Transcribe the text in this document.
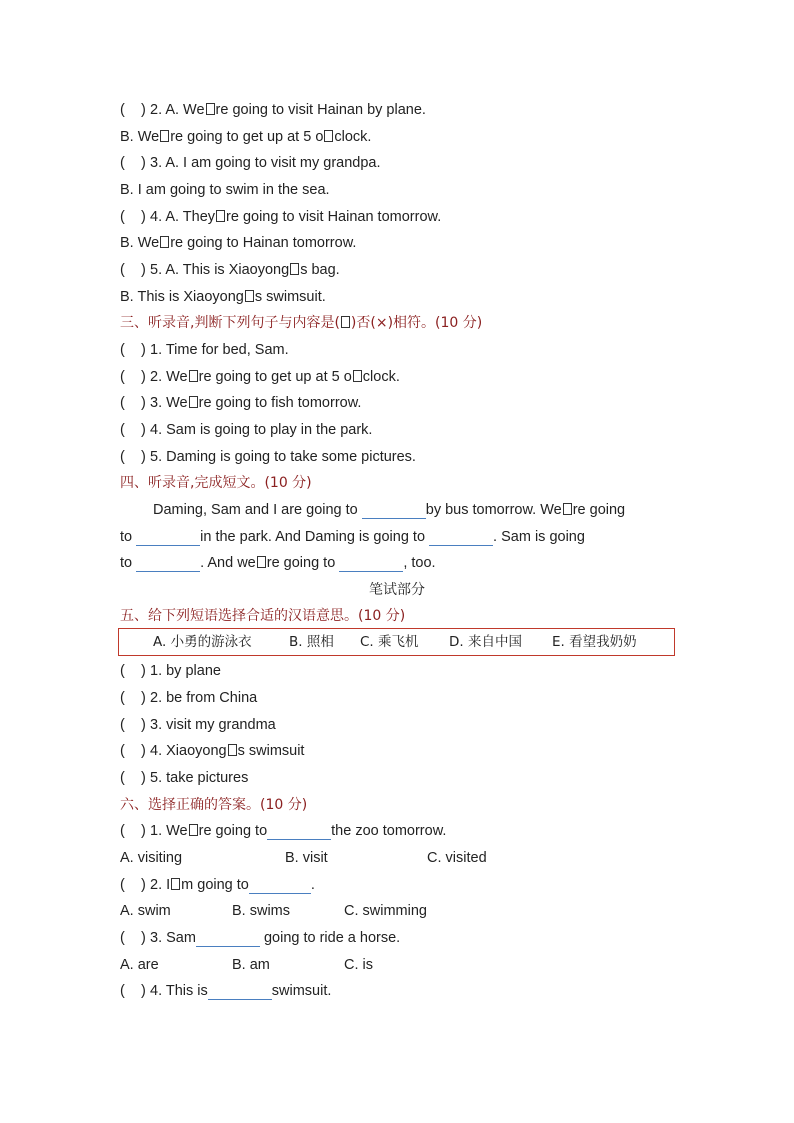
(    ) 2. A. We re going to visit Hainan by plane.
B. We re going to get up at 5 o clock.
(    ) 3. A. I am going to visit my grandpa.
B. I am going to swim in the sea.
(    ) 4. A. They re going to visit Hainan tomorrow.
B. We re going to Hainan tomorrow.
(    ) 5. A. This is Xiaoyong s bag.
B. This is Xiaoyong s swimsuit.
三、听录音,判断下列句子与内容是( )否(×)相符。(10 分)
(    ) 1. Time for bed, Sam.
(    ) 2. We re going to get up at 5 o clock.
(    ) 3. We re going to fish tomorrow.
(    ) 4. Sam is going to play in the park.
(    ) 5. Daming is going to take some pictures.
四、听录音,完成短文。(10 分)
Daming, Sam and I are going to	by bus tomorrow. We re going
to	in the park. And Daming is going to	. Sam is going
to	. And we re going to	, too.
笔试部分
五、给下列短语选择合适的汉语意思。(10 分)
A. 小勇的游泳衣	B. 照相 C. 乘飞机 D. 来自中国 E. 看望我奶奶
(    ) 1. by plane
(    ) 2. be from China
(    ) 3. visit my grandma
(    ) 4. Xiaoyong s swimsuit
(    ) 5. take pictures
六、选择正确的答案。(10 分)
(    ) 1. We re going to	the zoo tomorrow.
A. visiting	B. visit	C. visited
(    ) 2. I m going to	.
A. swim	B. swims	C. swimming
(    ) 3. Sam	going to ride a horse.
A. are	B. am	C. is
(    ) 4. This is	swimsuit.
